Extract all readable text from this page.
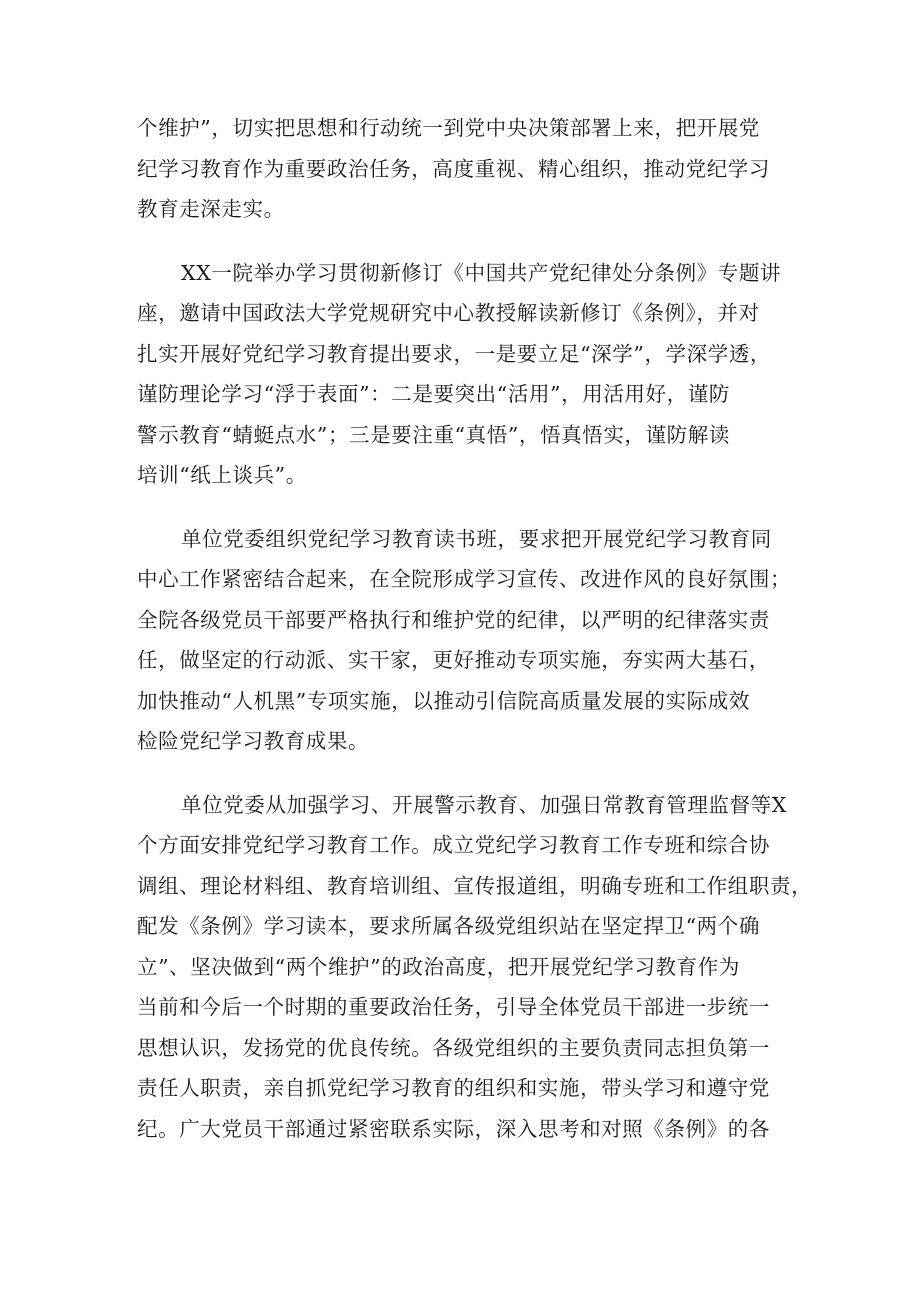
个维护”，切实把思想和行动统一到党中央决策部署上来，把开展党
纪学习教育作为重要政治任务，高度重视、精心组织，推动党纪学习
教育走深走实。

XX一院举办学习贯彻新修订《中国共产党纪律处分条例》专题讲
座，邀请中国政法大学党规研究中心教授解读新修订《条例》，并对
扎实开展好党纪学习教育提出要求，一是要立足“深学”，学深学透，
谨防理论学习“浮于表面”：二是要突出“活用”，用活用好，谨防
警示教育“蜻蜓点水”；三是要注重“真悟”，悟真悟实，谨防解读
培训“纸上谈兵”。

单位党委组织党纪学习教育读书班，要求把开展党纪学习教育同
中心工作紧密结合起来，在全院形成学习宣传、改进作风的良好氛围；
全院各级党员干部要严格执行和维护党的纪律，以严明的纪律落实责
任，做坚定的行动派、实干家，更好推动专项实施，夯实两大基石，
加快推动“人机黑”专项实施，以推动引信院高质量发展的实际成效
检险党纪学习教育成果。

单位党委从加强学习、开展警示教育、加强日常教育管理监督等X
个方面安排党纪学习教育工作。成立党纪学习教育工作专班和综合协
调组、理论材料组、教育培训组、宣传报道组，明确专班和工作组职责，
配发《条例》学习读本，要求所属各级党组织站在坚定捍卫“两个确
立”、坚决做到“两个维护”的政治高度，把开展党纪学习教育作为
当前和今后一个时期的重要政治任务，引导全体党员干部进一步统一
思想认识，发扬党的优良传统。各级党组织的主要负责同志担负第一
责任人职责，亲自抓党纪学习教育的组织和实施，带头学习和遵守党
纪。广大党员干部通过紧密联系实际，深入思考和对照《条例》的各
